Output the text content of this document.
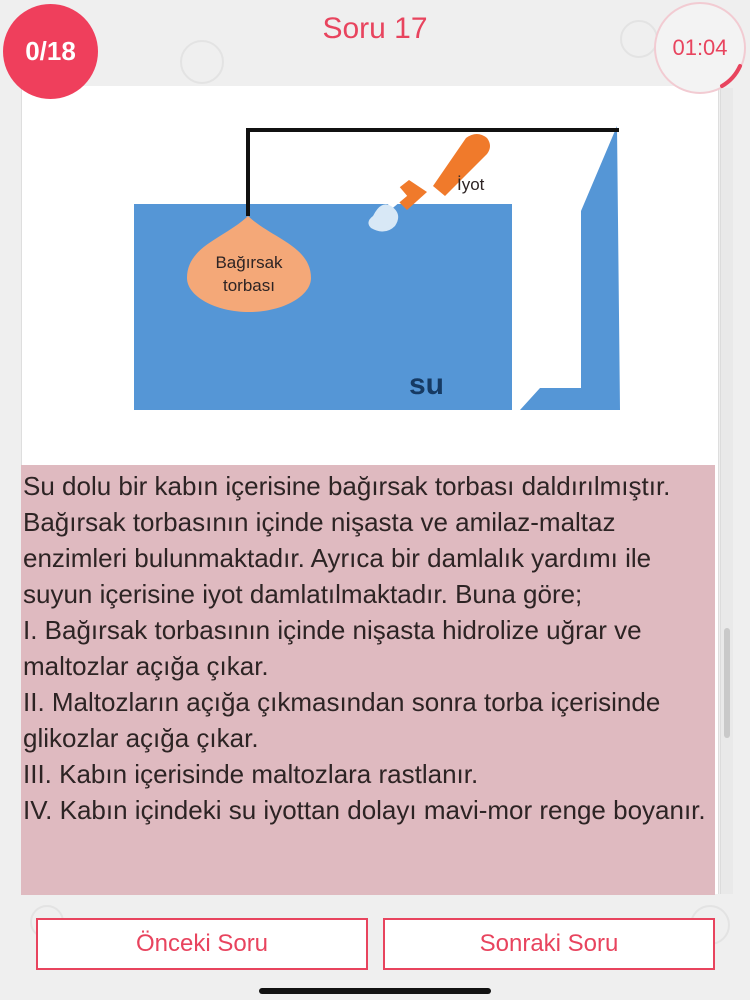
0/18
Soru 17
01:04
Bağırsak
torbası
İyot
su
Su dolu bir kabın içerisine bağırsak torbası daldırılmıştır. Bağırsak torbasının içinde nişasta ve amilaz-maltaz enzimleri bulunmaktadır. Ayrıca bir damlalık yardımı ile suyun içerisine iyot damlatılmaktadır. Buna göre;
I. Bağırsak torbasının içinde nişasta hidrolize uğrar ve maltozlar açığa çıkar.
II. Maltozların açığa çıkmasından sonra torba içerisinde glikozlar açığa çıkar.
III. Kabın içerisinde maltozlara rastlanır.
IV. Kabın içindeki su iyottan dolayı mavi-mor renge boyanır.
Önceki Soru	Sonraki Soru
